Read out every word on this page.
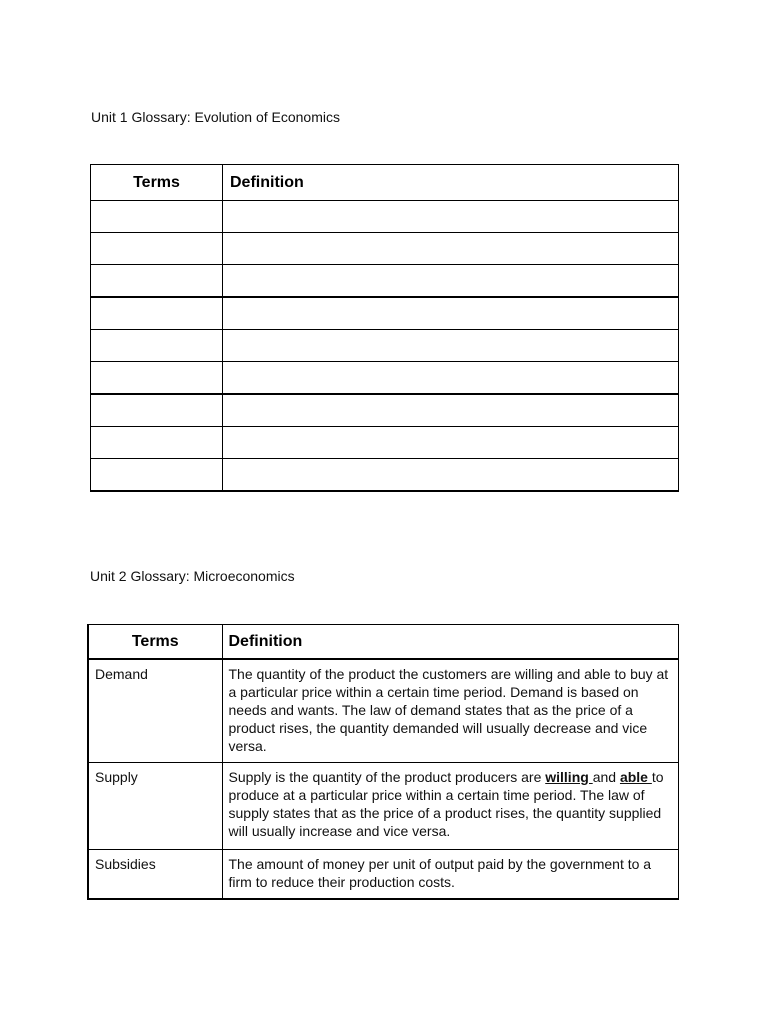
Unit 1 Glossary: Evolution of Economics
Terms	Definition

Unit 2 Glossary: Microeconomics
Terms	Definition
Demand	The quantity of the product the customers are willing and able to buy at a particular price within a certain time period. Demand is based on needs and wants. The law of demand states that as the price of a product rises, the quantity demanded will usually decrease and vice versa.
Supply	Supply is the quantity of the product producers are willing and able to produce at a particular price within a certain time period. The law of supply states that as the price of a product rises, the quantity supplied will usually increase and vice versa.
Subsidies	The amount of money per unit of output paid by the government to a firm to reduce their production costs.
